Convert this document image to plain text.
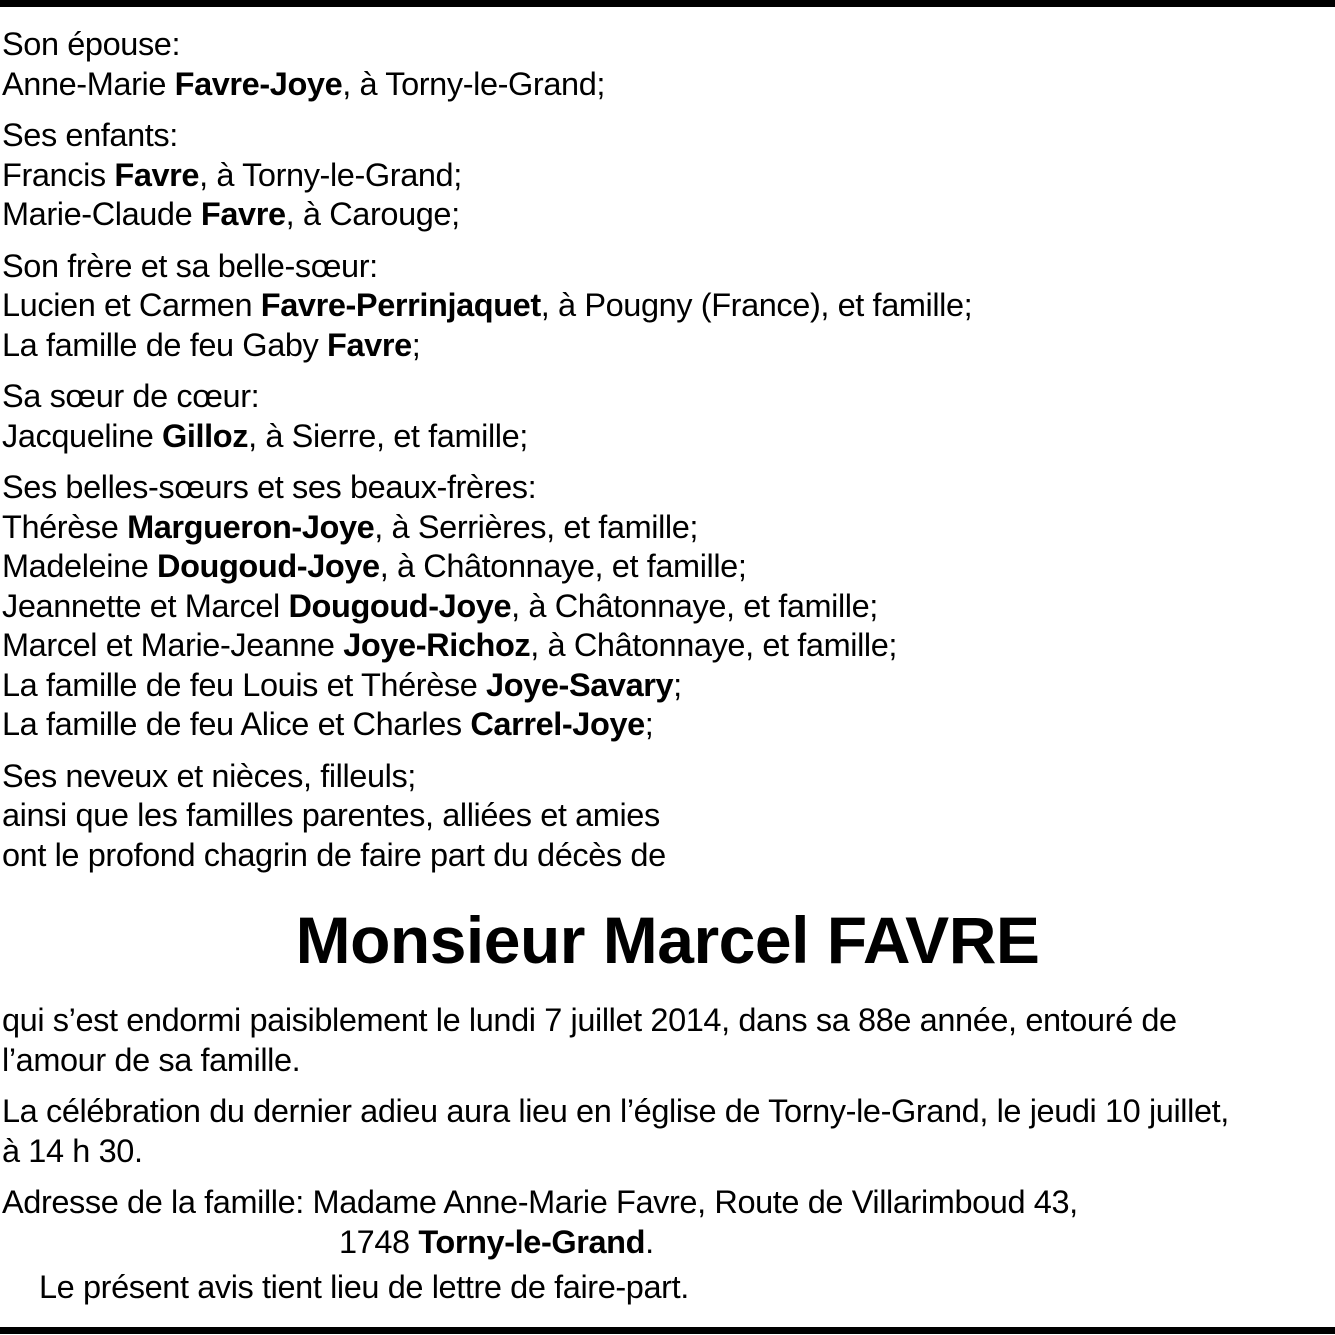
Son épouse:
Anne-Marie Favre-Joye, à Torny-le-Grand;
Ses enfants:
Francis Favre, à Torny-le-Grand;
Marie-Claude Favre, à Carouge;
Son frère et sa belle-sœur:
Lucien et Carmen Favre-Perrinjaquet, à Pougny (France), et famille;
La famille de feu Gaby Favre;
Sa sœur de cœur:
Jacqueline Gilloz, à Sierre, et famille;
Ses belles-sœurs et ses beaux-frères:
Thérèse Margueron-Joye, à Serrières, et famille;
Madeleine Dougoud-Joye, à Châtonnaye, et famille;
Jeannette et Marcel Dougoud-Joye, à Châtonnaye, et famille;
Marcel et Marie-Jeanne Joye-Richoz, à Châtonnaye, et famille;
La famille de feu Louis et Thérèse Joye-Savary;
La famille de feu Alice et Charles Carrel-Joye;
Ses neveux et nièces, filleuls;
ainsi que les familles parentes, alliées et amies
ont le profond chagrin de faire part du décès de
Monsieur Marcel FAVRE
qui s’est endormi paisiblement le lundi 7 juillet 2014, dans sa 88e année, entouré de
l’amour de sa famille.
La célébration du dernier adieu aura lieu en l’église de Torny-le-Grand, le jeudi 10 juillet,
à 14 h 30.
Adresse de la famille: Madame Anne-Marie Favre, Route de Villarimboud 43,
1748 Torny-le-Grand.
Le présent avis tient lieu de lettre de faire-part.
